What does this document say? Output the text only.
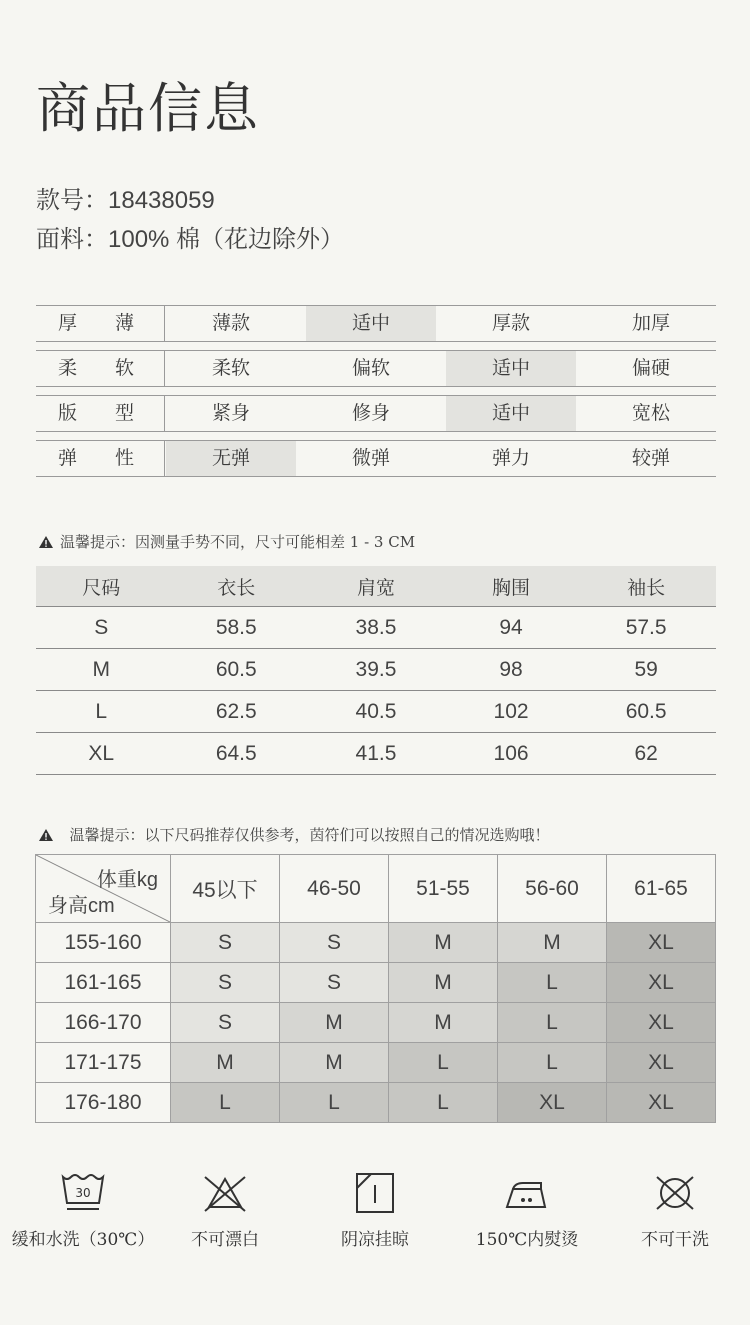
商品信息
款号：18438059
面料：100% 棉（花边除外）
厚 薄	薄款	适中	厚款	加厚
柔 软	柔软	偏软	适中	偏硬
版 型	紧身	修身	适中	宽松
弹 性	无弹	微弹	弹力	较弹
温馨提示：因测量手势不同，尺寸可能相差 1 - 3 CM
尺码	衣长	肩宽	胸围	袖长
S	58.5	38.5	94	57.5
M	60.5	39.5	98	59
L	62.5	40.5	102	60.5
XL	64.5	41.5	106	62
温馨提示：以下尺码推荐仅供参考，茵符们可以按照自己的情况选购哦！
体重kg
身高cm	45以下	46-50	51-55	56-60	61-65
155-160	S	S	M	M	XL
161-165	S	S	M	L	XL
166-170	S	M	M	L	XL
171-175	M	M	L	L	XL
176-180	L	L	L	XL	XL
30
缓和水洗（30℃）	不可漂白	阴凉挂晾	150℃内熨烫	不可干洗
